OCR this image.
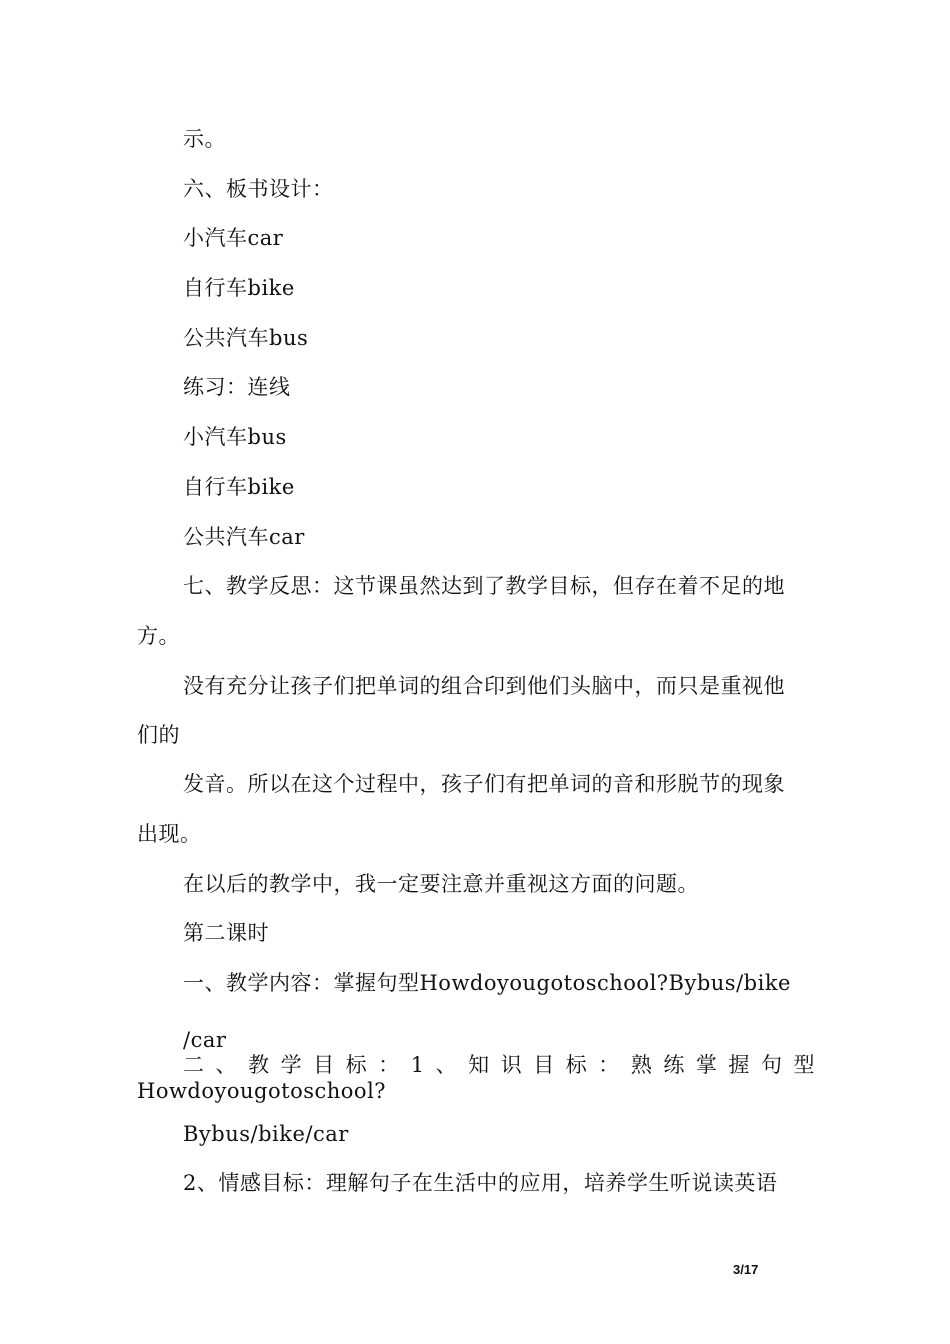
示。
六、板书设计：
小汽车car
自行车bike
公共汽车bus
练习：连线
小汽车bus
自行车bike
公共汽车car
七、教学反思：这节课虽然达到了教学目标，但存在着不足的地
方。
没有充分让孩子们把单词的组合印到他们头脑中，而只是重视他
们的
发音。所以在这个过程中，孩子们有把单词的音和形脱节的现象
出现。
在以后的教学中，我一定要注意并重视这方面的问题。
第二课时
一、教学内容：掌握句型Howdoyougotoschool?Bybus/bike
/car
二 、 教 学 目 标 ： 1 、 知 识 目 标 ： 熟 练 掌 握 句 型
Howdoyougotoschool?
Bybus/bike/car
2、情感目标：理解句子在生活中的应用，培养学生听说读英语
3/17
